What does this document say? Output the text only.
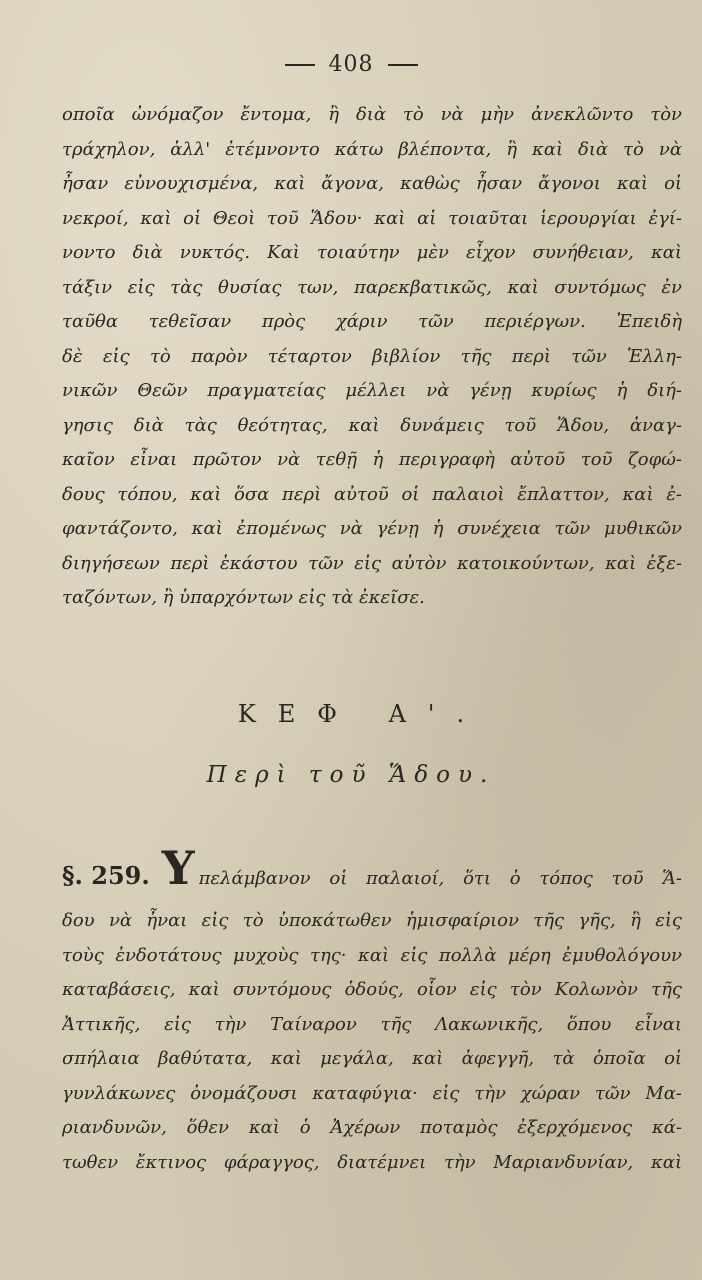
408
οποῖα ὠνόμαζον ἔντομα, ἢ διὰ τὸ νὰ μὴν ἀνεκλῶντο τὸν
τράχηλον, ἀλλ' ἐτέμνοντο κάτω βλέποντα, ἢ καὶ διὰ τὸ νὰ
ἦσαν εὐνουχισμένα, καὶ ἄγονα, καθὼς ἦσαν ἄγονοι καὶ οἱ
νεκροί, καὶ οἱ Θεοὶ τοῦ Ἅδου· καὶ αἱ τοιαῦται ἱερουργίαι ἐγί-
νοντο διὰ νυκτός. Καὶ τοιαύτην μὲν εἶχον συνήθειαν, καὶ
τάξιν εἰς τὰς θυσίας των, παρεκβατικῶς, καὶ συντόμως ἐν
ταῦθα τεθεῖσαν πρὸς χάριν τῶν περιέργων. Ἐπειδὴ
δὲ εἰς τὸ παρὸν τέταρτον βιβλίον τῆς περὶ τῶν Ἑλλη-
νικῶν Θεῶν πραγματείας μέλλει νὰ γένῃ κυρίως ἡ διή-
γησις διὰ τὰς θεότητας, καὶ δυνάμεις τοῦ Ἅδου, ἀναγ-
καῖον εἶναι πρῶτον νὰ τεθῇ ἡ περιγραφὴ αὐτοῦ τοῦ ζοφώ-
δους τόπου, καὶ ὅσα περὶ αὐτοῦ οἱ παλαιοὶ ἔπλαττον, καὶ ἐ-
φαντάζοντο, καὶ ἐπομένως νὰ γένῃ ἡ συνέχεια τῶν μυθικῶν
διηγήσεων περὶ ἑκάστου τῶν εἰς αὐτὸν κατοικούντων, καὶ ἐξε-
ταζόντων, ἢ ὑπαρχόντων εἰς τὰ ἐκεῖσε.
ΚΕΦ Α'.
Περὶ τοῦ Ἅδου.
§. 259. Υ πελάμβανον οἱ παλαιοί, ὅτι ὁ τόπος τοῦ Ἅ-
δου νὰ ἦναι εἰς τὸ ὑποκάτωθεν ἡμισφαίριον τῆς γῆς, ἢ εἰς
τοὺς ἐνδοτάτους μυχοὺς της· καὶ εἰς πολλὰ μέρη ἐμυθολόγουν
καταβάσεις, καὶ συντόμους ὁδούς, οἷον εἰς τὸν Κολωνὸν τῆς
Ἀττικῆς, εἰς τὴν Ταίναρον τῆς Λακωνικῆς, ὅπου εἶναι
σπήλαια βαθύτατα, καὶ μεγάλα, καὶ ἀφεγγῆ, τὰ ὁποῖα οἱ
γυνλάκωνες ὀνομάζουσι καταφύγια· εἰς τὴν χώραν τῶν Μα-
ριανδυνῶν, ὅθεν καὶ ὁ Ἀχέρων ποταμὸς ἐξερχόμενος κά-
τωθεν ἔκτινος φάραγγος, διατέμνει τὴν Μαριανδυνίαν, καὶ
